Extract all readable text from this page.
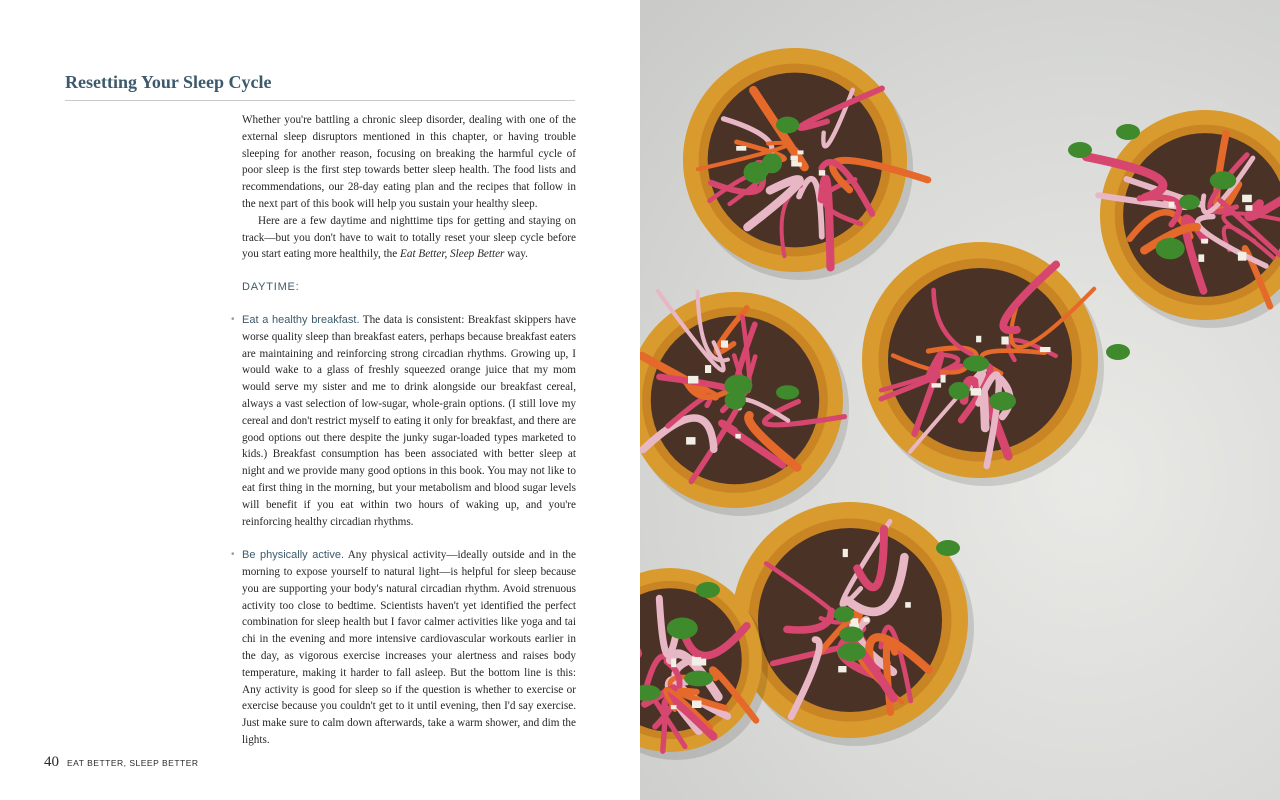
Resetting Your Sleep Cycle

Whether you're battling a chronic sleep disorder, dealing with one of the external sleep disruptors mentioned in this chapter, or having trouble sleeping for another reason, focusing on breaking the harmful cycle of poor sleep is the first step towards better sleep health. The food lists and recommendations, our 28-day eating plan and the recipes that follow in the next part of this book will help you sustain your healthy sleep.

Here are a few daytime and nighttime tips for getting and staying on track—but you don't have to wait to totally reset your sleep cycle before you start eating more healthily, the Eat Better, Sleep Better way.

DAYTIME:

• Eat a healthy breakfast. The data is consistent: Breakfast skippers have worse quality sleep than breakfast eaters, perhaps because breakfast eaters are maintaining and reinforcing strong circadian rhythms. Growing up, I would wake to a glass of freshly squeezed orange juice that my mom would serve my sister and me to drink alongside our breakfast cereal, always a vast selection of low-sugar, whole-grain options. (I still love my cereal and don't restrict myself to eating it only for breakfast, and there are good options out there despite the junky sugar-loaded types marketed to kids.) Breakfast consumption has been associated with better sleep at night and we provide many good options in this book. You may not like to eat first thing in the morning, but your metabolism and blood sugar levels will benefit if you eat within two hours of waking up, and you're reinforcing healthy circadian rhythms.

• Be physically active. Any physical activity—ideally outside and in the morning to expose yourself to natural light—is helpful for sleep because you are supporting your body's natural circadian rhythm. Avoid strenuous activity too close to bedtime. Scientists haven't yet identified the perfect combination for sleep health but I favor calmer activities like yoga and tai chi in the evening and more intensive cardiovascular workouts earlier in the day, as vigorous exercise increases your alertness and raises body temperature, making it harder to fall asleep. But the bottom line is this: Any activity is good for sleep so if the question is whether to exercise or exercise because you couldn't get to it until evening, then I'd say exercise. Just make sure to calm down afterwards, take a warm shower, and dim the lights.

40 EAT BETTER, SLEEP BETTER
